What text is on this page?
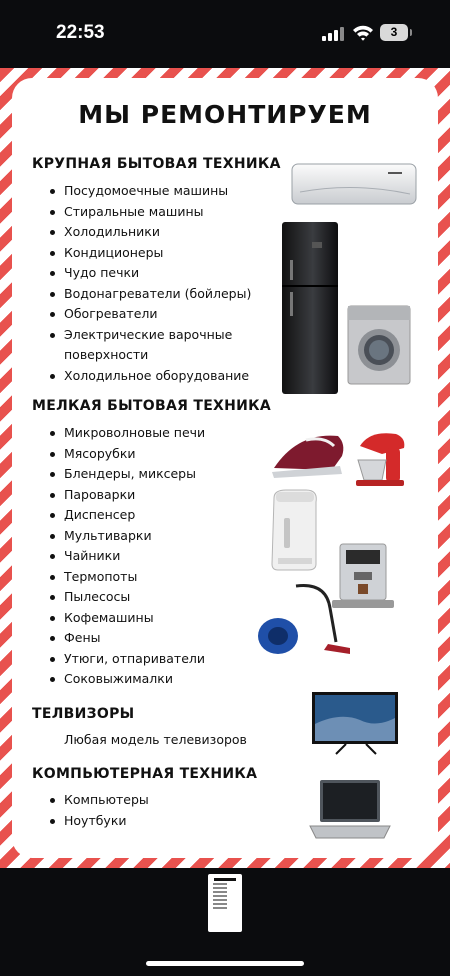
22:53	3
МЫ РЕМОНТИРУЕМ
КРУПНАЯ БЫТОВАЯ ТЕХНИКА
Посудомоечные машины
Стиральные машины
Холодильники
Кондиционеры
Чудо печки
Водонагреватели (бойлеры)
Обогреватели
Электрические варочные поверхности
Холодильное оборудование
МЕЛКАЯ БЫТОВАЯ ТЕХНИКА
Микроволновые печи
Мясорубки
Блендеры, миксеры
Пароварки
Диспенсер
Мультиварки
Чайники
Термопоты
Пылесосы
Кофемашины
Фены
Утюги, отпариватели
Соковыжималки
ТЕЛВИЗОРЫ
Любая модель телевизоров
КОМПЬЮТЕРНАЯ ТЕХНИКА
Компьютеры
Ноутбуки
